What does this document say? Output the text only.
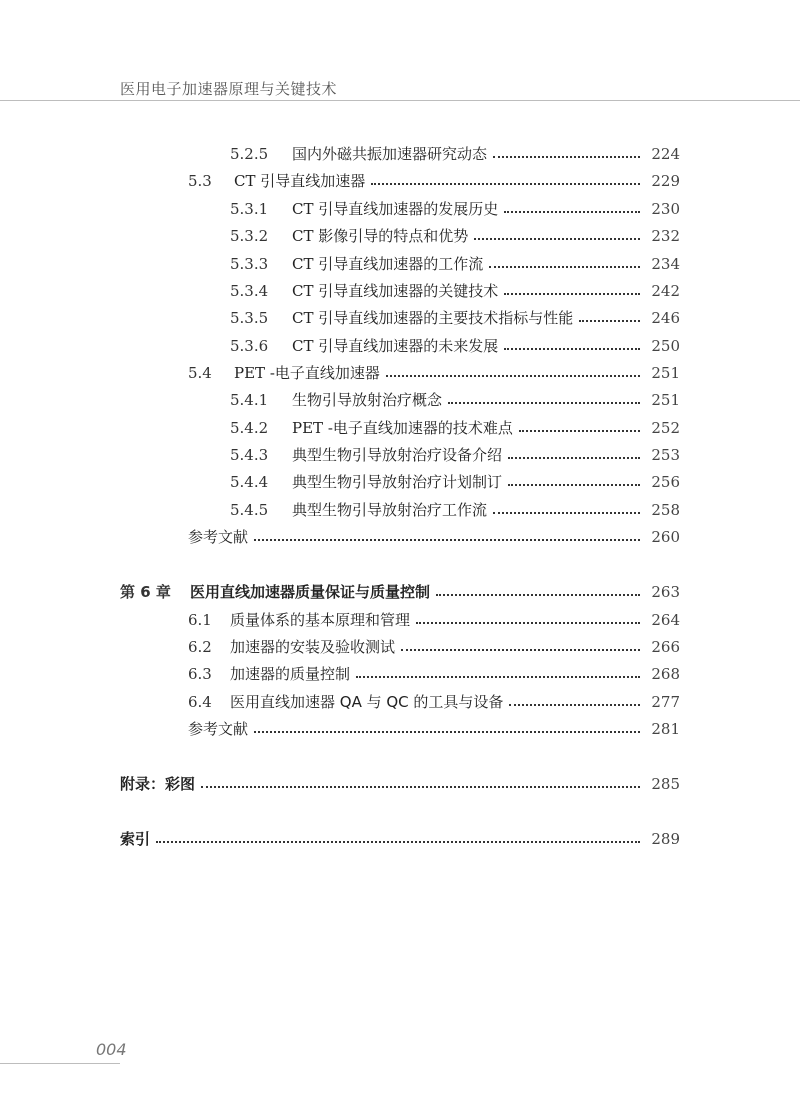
医用电子加速器原理与关键技术
5.2.5	国内外磁共振加速器研究动态	224
5.3	CT 引导直线加速器	229
5.3.1	CT 引导直线加速器的发展历史	230
5.3.2	CT 影像引导的特点和优势	232
5.3.3	CT 引导直线加速器的工作流	234
5.3.4	CT 引导直线加速器的关键技术	242
5.3.5	CT 引导直线加速器的主要技术指标与性能	246
5.3.6	CT 引导直线加速器的未来发展	250
5.4	PET -电子直线加速器	251
5.4.1	生物引导放射治疗概念	251
5.4.2	PET -电子直线加速器的技术难点	252
5.4.3	典型生物引导放射治疗设备介绍	253
5.4.4	典型生物引导放射治疗计划制订	256
5.4.5	典型生物引导放射治疗工作流	258
参考文献	260
第 6 章	医用直线加速器质量保证与质量控制	263
6.1	质量体系的基本原理和管理	264
6.2	加速器的安装及验收测试	266
6.3	加速器的质量控制	268
6.4	医用直线加速器 QA 与 QC 的工具与设备	277
参考文献	281
附录：彩图	285
索引	289
004
